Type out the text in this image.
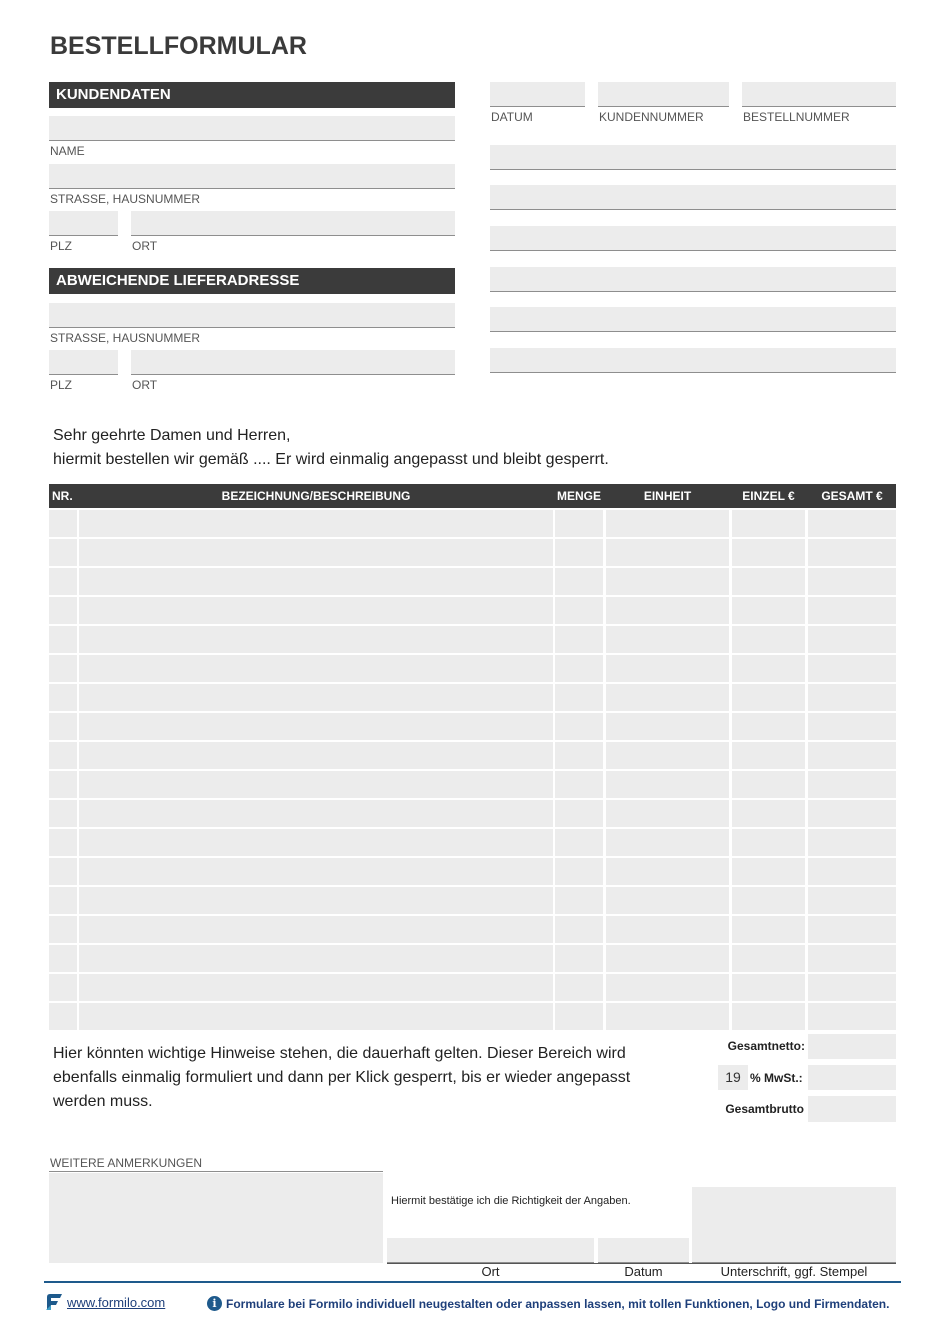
BESTELLFORMULAR
KUNDENDATEN
NAME
STRASSE, HAUSNUMMER
PLZ	ORT
ABWEICHENDE LIEFERADRESSE
STRASSE, HAUSNUMMER
PLZ	ORT
DATUM	KUNDENNUMMER	BESTELLNUMMER
Sehr geehrte Damen und Herren,
hiermit bestellen wir gemäß .... Er wird einmalig angepasst und bleibt gesperrt.
NR.	BEZEICHNUNG/BESCHREIBUNG	MENGE	EINHEIT	EINZEL €	GESAMT €
Hier könnten wichtige Hinweise stehen, die dauerhaft gelten. Dieser Bereich wird
ebenfalls einmalig formuliert und dann per Klick gesperrt, bis er wieder angepasst
werden muss.
Gesamtnetto:
19 % MwSt.:
Gesamtbrutto
WEITERE ANMERKUNGEN
Hiermit bestätige ich die Richtigkeit der Angaben.
Ort	Datum	Unterschrift, ggf. Stempel
www.formilo.com	i Formulare bei Formilo individuell neugestalten oder anpassen lassen, mit tollen Funktionen, Logo und Firmendaten.
